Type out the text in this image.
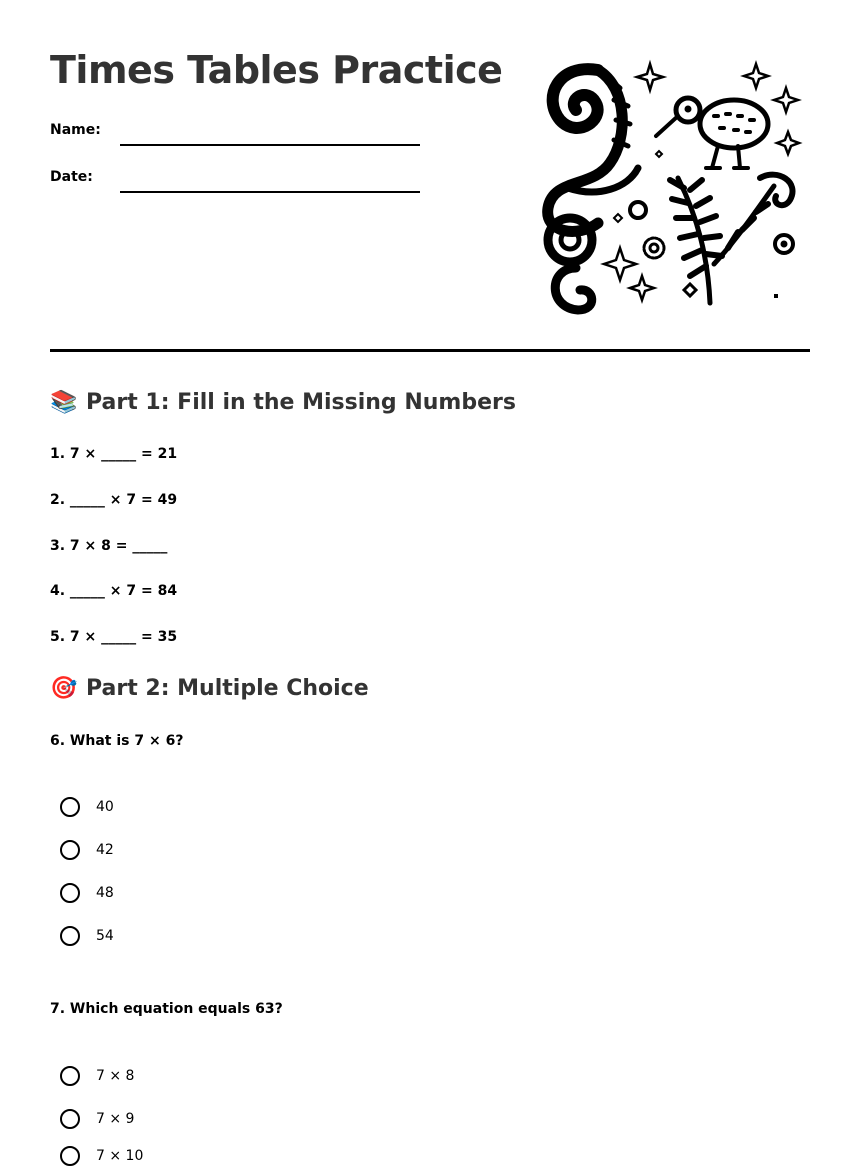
Times Tables Practice
Name:
Date:
📚 Part 1: Fill in the Missing Numbers
1. 7 × _____ = 21
2. _____ × 7 = 49
3. 7 × 8 = _____
4. _____ × 7 = 84
5. 7 × _____ = 35
🎯 Part 2: Multiple Choice
6. What is 7 × 6?
40
42
48
54
7. Which equation equals 63?
7 × 8
7 × 9
7 × 10
